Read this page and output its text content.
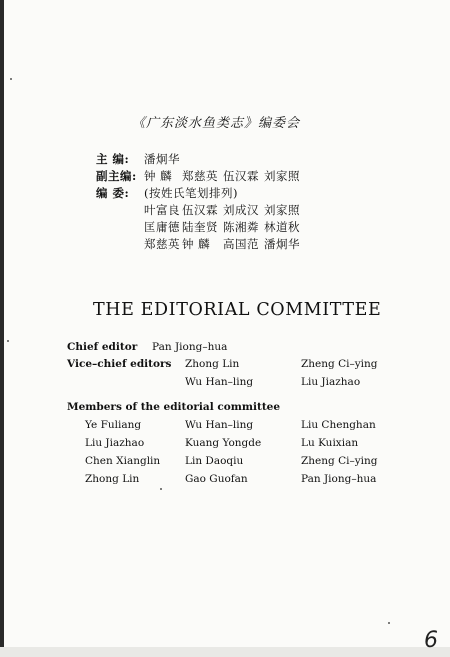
《广东淡水鱼类志》编委会
主 编: 潘炯华
副主编: 钟 麟 郑慈英 伍汉霖 刘家照
编 委: (按姓氏笔划排列)
叶富良 伍汉霖 刘成汉 刘家照
匡庸德 陆奎贤 陈湘粦 林道秋
郑慈英 钟 麟 高国范 潘炯华
THE EDITORIAL COMMITTEE
Chief editor Pan Jiong–hua
Vice–chief editors Zhong Lin
Wu Han–ling
Zheng Ci–ying
Liu Jiazhao
Members of the editorial committee
Ye Fuliang
Liu Jiazhao
Chen Xianglin
Zhong Lin
Wu Han–ling
Kuang Yongde
Lin Daoqiu
Gao Guofan
Liu Chenghan
Lu Kuixian
Zheng Ci–ying
Pan Jiong–hua
6
